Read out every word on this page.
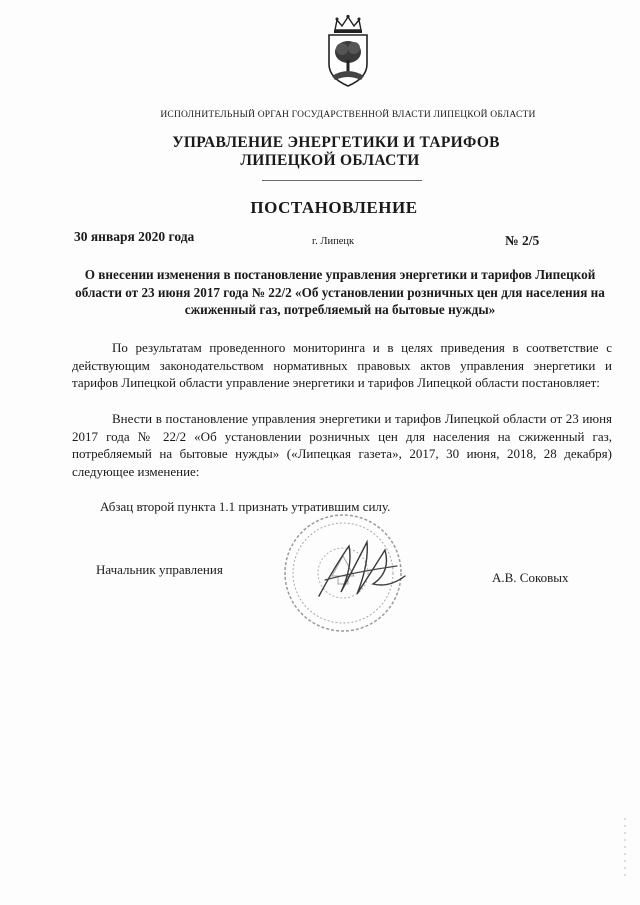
ИСПОЛНИТЕЛЬНЫЙ ОРГАН ГОСУДАРСТВЕННОЙ ВЛАСТИ ЛИПЕЦКОЙ ОБЛАСТИ
УПРАВЛЕНИЕ ЭНЕРГЕТИКИ И ТАРИФОВ
ЛИПЕЦКОЙ ОБЛАСТИ
ПОСТАНОВЛЕНИЕ
30 января 2020 года	г. Липецк	№ 2/5
О внесении изменения в постановление управления энергетики и тарифов Липецкой области от 23 июня 2017 года № 22/2 «Об установлении розничных цен для населения на сжиженный газ, потребляемый на бытовые нужды»
По результатам проведенного мониторинга и в целях приведения в соответствие с действующим законодательством нормативных правовых актов управления энергетики и тарифов Липецкой области управление энергетики и тарифов Липецкой области постановляет:
Внести в постановление управления энергетики и тарифов Липецкой области от 23 июня 2017 года № 22/2 «Об установлении розничных цен для населения на сжиженный газ, потребляемый на бытовые нужды» («Липецкая газета», 2017, 30 июня, 2018, 28 декабря) следующее изменение:
Абзац второй пункта 1.1 признать утратившим силу.
Начальник управления
А.В. Соковых
